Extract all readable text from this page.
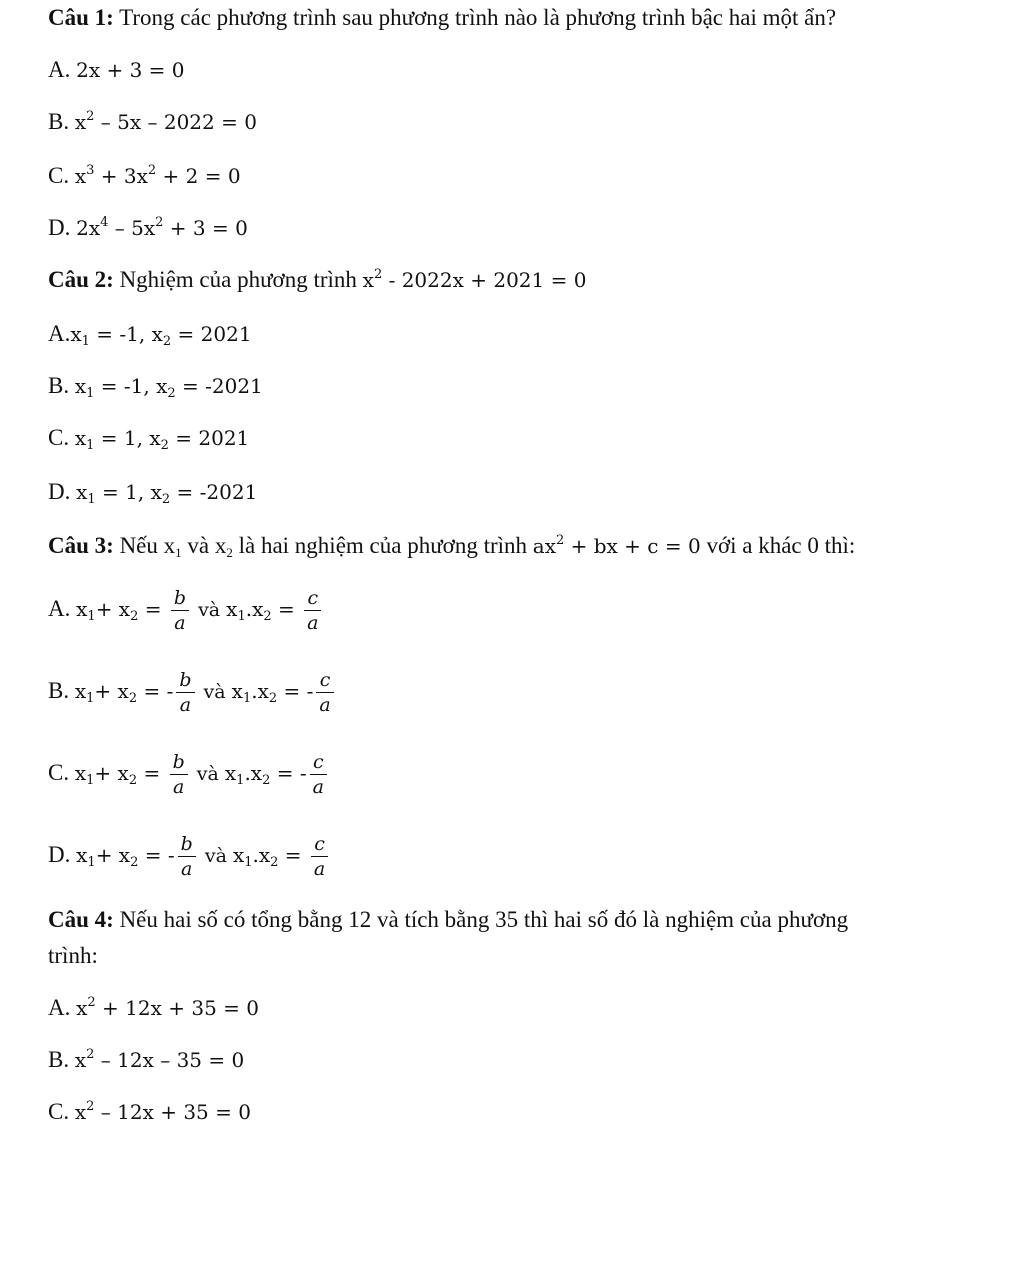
Câu 1: Trong các phương trình sau phương trình nào là phương trình bậc hai một ẩn?
A. 2x + 3 = 0
B. $x^2 - 5x - 2022 = 0$
C. $x^3 + 3x^2 + 2 = 0$
D. $2x^4 - 5x^2 + 3 = 0$
Câu 2: Nghiệm của phương trình $x^2 - 2022x + 2021 = 0$
$A.x_1 = -1$, $x_2 = 2021$
B. $x_1 = -1$, $x_2 = -2021$
C. $x_1 = 1$, $x_2 = 2021$
D. $x_1 = 1$, $x_2 = -2021$
Câu 3: Nếu $x_1$ và $x_2$ là hai nghiệm của phương trình $ax^2$ + bx + c = 0 với a khác 0 thì:
A. $x_1+ x_2 = \frac{b}{a}$ và $x_1.x_2 = \frac{c}{a}$
B. $x_1+ x_2$ = - $\frac{b}{a}$ và $x_1.x_2$ = - $\frac{c}{a}$
C. $x_1+ x_2 = \frac{b}{a}$ và $x_1.x_2$ = - $\frac{c}{a}$
D. $x_1+ x_2$ = - $\frac{b}{a}$ và $x_1.x_2 = \frac{c}{a}$
Câu 4: Nếu hai số có tổng bằng 12 và tích bằng 35 thì hai số đó là nghiệm của phương
trình:
A. $x^2 + 12x + 35 = 0$
B. $x^2 - 12x - 35 = 0$
C. $x^2 - 12x + 35 = 0$
